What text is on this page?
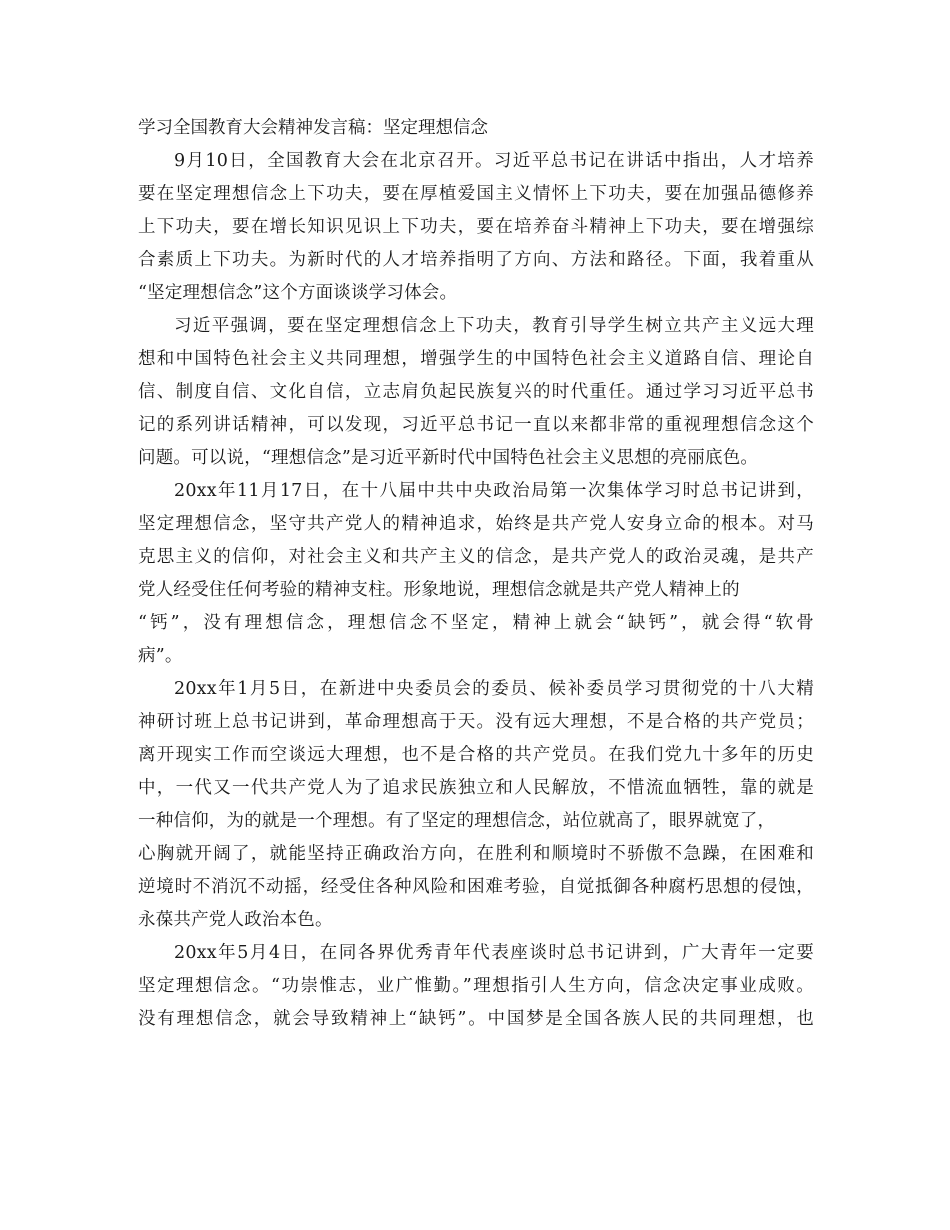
学习全国教育大会精神发言稿：坚定理想信念
9月10日，全国教育大会在北京召开。习近平总书记在讲话中指出，人才培养
要在坚定理想信念上下功夫，要在厚植爱国主义情怀上下功夫，要在加强品德修养
上下功夫，要在增长知识见识上下功夫，要在培养奋斗精神上下功夫，要在增强综
合素质上下功夫。为新时代的人才培养指明了方向、方法和路径。下面，我着重从
“坚定理想信念”这个方面谈谈学习体会。
习近平强调，要在坚定理想信念上下功夫，教育引导学生树立共产主义远大理
想和中国特色社会主义共同理想，增强学生的中国特色社会主义道路自信、理论自
信、制度自信、文化自信，立志肩负起民族复兴的时代重任。通过学习习近平总书
记的系列讲话精神，可以发现，习近平总书记一直以来都非常的重视理想信念这个
问题。可以说，“理想信念”是习近平新时代中国特色社会主义思想的亮丽底色。
20xx年11月17日，在十八届中共中央政治局第一次集体学习时总书记讲到，
坚定理想信念，坚守共产党人的精神追求，始终是共产党人安身立命的根本。对马
克思主义的信仰，对社会主义和共产主义的信念，是共产党人的政治灵魂，是共产
党人经受住任何考验的精神支柱。形象地说，理想信念就是共产党人精神上的
“钙”，没有理想信念，理想信念不坚定，精神上就会“缺钙”，就会得“软骨
病”。
20xx年1月5日，在新进中央委员会的委员、候补委员学习贯彻党的十八大精
神研讨班上总书记讲到，革命理想高于天。没有远大理想，不是合格的共产党员；
离开现实工作而空谈远大理想，也不是合格的共产党员。在我们党九十多年的历史
中，一代又一代共产党人为了追求民族独立和人民解放，不惜流血牺牲，靠的就是
一种信仰，为的就是一个理想。有了坚定的理想信念，站位就高了，眼界就宽了，
心胸就开阔了，就能坚持正确政治方向，在胜利和顺境时不骄傲不急躁，在困难和
逆境时不消沉不动摇，经受住各种风险和困难考验，自觉抵御各种腐朽思想的侵蚀，
永葆共产党人政治本色。
20xx年5月4日，在同各界优秀青年代表座谈时总书记讲到，广大青年一定要
坚定理想信念。“功崇惟志，业广惟勤。”理想指引人生方向，信念决定事业成败。
没有理想信念，就会导致精神上“缺钙”。中国梦是全国各族人民的共同理想，也
